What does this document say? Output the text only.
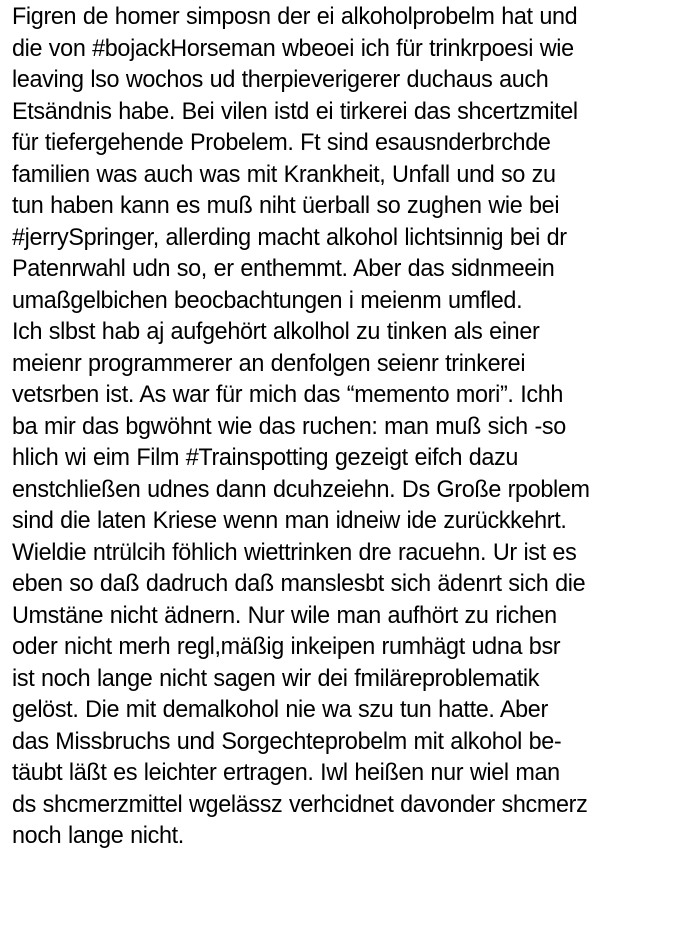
Figren de homer simposn der ei alkoholprobelm hat und
die von #bojackHorseman wbeoei ich für trinkrpoesi wie
leaving lso wochos ud therpieverigerer duchaus auch
Etsändnis habe. Bei vilen istd ei tirkerei das shcertzmitel
für tiefergehende Probelem. Ft sind esausnderbrchde
familien was auch was mit Krankheit, Unfall und so zu
tun haben kann es muß niht üerball so zughen wie bei
#jerrySpringer, allerding macht alkohol lichtsinnig bei dr
Patenrwahl udn so, er enthemmt. Aber das sidnmeein
umaßgelbichen beocbachtungen i meienm umfled.
Ich slbst hab aj aufgehört alkolhol zu tinken als einer
meienr programmerer an denfolgen seienr trinkerei
vetsrben ist. As war für mich das “memento mori”. Ichh
ba mir das bgwöhnt wie das ruchen: man muß sich -so
hlich wi eim Film #Trainspotting gezeigt eifch dazu
enstchließen udnes dann dcuhzeiehn. Ds Große rpoblem
sind die laten Kriese wenn man idneiw ide zurückkehrt.
Wieldie ntrülcih föhlich wiettrinken dre racuehn. Ur ist es
eben so daß dadruch daß manslesbt sich ädenrt sich die
Umstäne nicht ädnern. Nur wile man aufhört zu richen
oder nicht merh regl,mäßig inkeipen rumhägt udna bsr
ist noch lange nicht sagen wir dei fmiläreproblematik
gelöst. Die mit demalkohol nie wa szu tun hatte. Aber
das Missbruchs und Sorgechteprobelm mit alkohol be-
täubt läßt es leichter ertragen. Iwl heißen nur wiel man
ds shcmerzmittel wgelässz verhcidnet davonder shcmerz
noch lange nicht.
